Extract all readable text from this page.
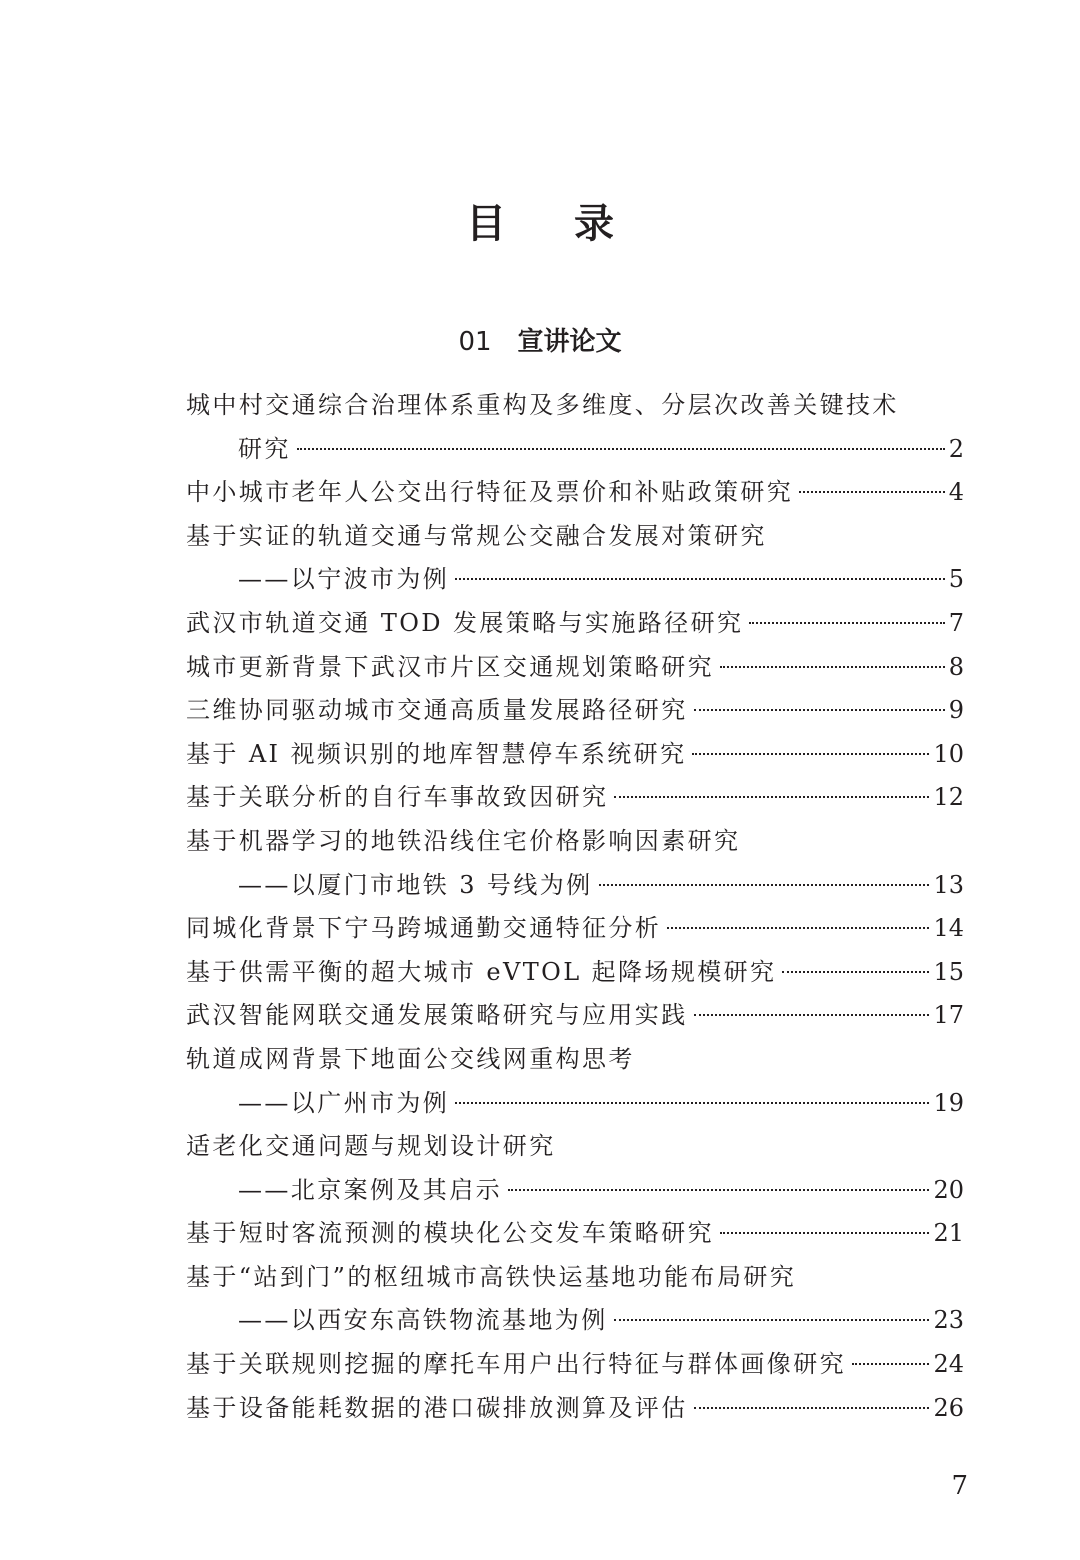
目录
01 宣讲论文
城中村交通综合治理体系重构及多维度、分层次改善关键技术
研究	2
中小城市老年人公交出行特征及票价和补贴政策研究	4
基于实证的轨道交通与常规公交融合发展对策研究
——以宁波市为例	5
武汉市轨道交通 TOD 发展策略与实施路径研究	7
城市更新背景下武汉市片区交通规划策略研究	8
三维协同驱动城市交通高质量发展路径研究	9
基于 AI 视频识别的地库智慧停车系统研究	10
基于关联分析的自行车事故致因研究	12
基于机器学习的地铁沿线住宅价格影响因素研究
——以厦门市地铁 3 号线为例	13
同城化背景下宁马跨城通勤交通特征分析	14
基于供需平衡的超大城市 eVTOL 起降场规模研究	15
武汉智能网联交通发展策略研究与应用实践	17
轨道成网背景下地面公交线网重构思考
——以广州市为例	19
适老化交通问题与规划设计研究
——北京案例及其启示	20
基于短时客流预测的模块化公交发车策略研究	21
基于“站到门”的枢纽城市高铁快运基地功能布局研究
——以西安东高铁物流基地为例	23
基于关联规则挖掘的摩托车用户出行特征与群体画像研究	24
基于设备能耗数据的港口碳排放测算及评估	26
7
